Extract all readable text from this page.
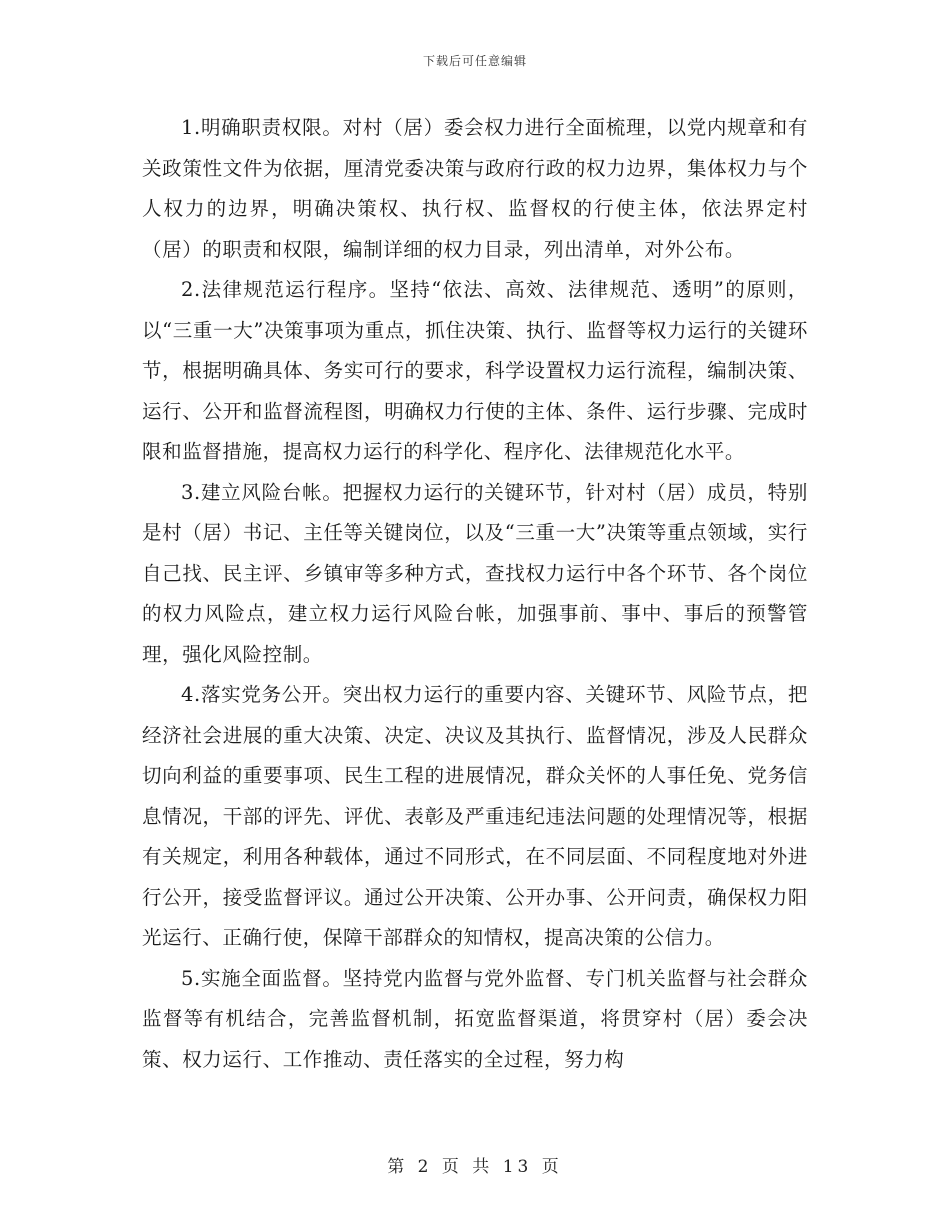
下载后可任意编辑

1.明确职责权限。对村（居）委会权力进行全面梳理，以党内规章和有关政策性文件为依据，厘清党委决策与政府行政的权力边界，集体权力与个人权力的边界，明确决策权、执行权、监督权的行使主体，依法界定村（居）的职责和权限，编制详细的权力目录，列出清单，对外公布。

2.法律规范运行程序。坚持“依法、高效、法律规范、透明”的原则，以“三重一大”决策事项为重点，抓住决策、执行、监督等权力运行的关键环节，根据明确具体、务实可行的要求，科学设置权力运行流程，编制决策、运行、公开和监督流程图，明确权力行使的主体、条件、运行步骤、完成时限和监督措施，提高权力运行的科学化、程序化、法律规范化水平。

3.建立风险台帐。把握权力运行的关键环节，针对村（居）成员，特别是村（居）书记、主任等关键岗位，以及“三重一大”决策等重点领域，实行自己找、民主评、乡镇审等多种方式，查找权力运行中各个环节、各个岗位的权力风险点，建立权力运行风险台帐，加强事前、事中、事后的预警管理，强化风险控制。

4.落实党务公开。突出权力运行的重要内容、关键环节、风险节点，把经济社会进展的重大决策、决定、决议及其执行、监督情况，涉及人民群众切向利益的重要事项、民生工程的进展情况，群众关怀的人事任免、党务信息情况，干部的评先、评优、表彰及严重违纪违法问题的处理情况等，根据有关规定，利用各种载体，通过不同形式，在不同层面、不同程度地对外进行公开，接受监督评议。通过公开决策、公开办事、公开问责，确保权力阳光运行、正确行使，保障干部群众的知情权，提高决策的公信力。

5.实施全面监督。坚持党内监督与党外监督、专门机关监督与社会群众监督等有机结合，完善监督机制，拓宽监督渠道，将贯穿村（居）委会决策、权力运行、工作推动、责任落实的全过程，努力构

第 2 页 共 13 页
